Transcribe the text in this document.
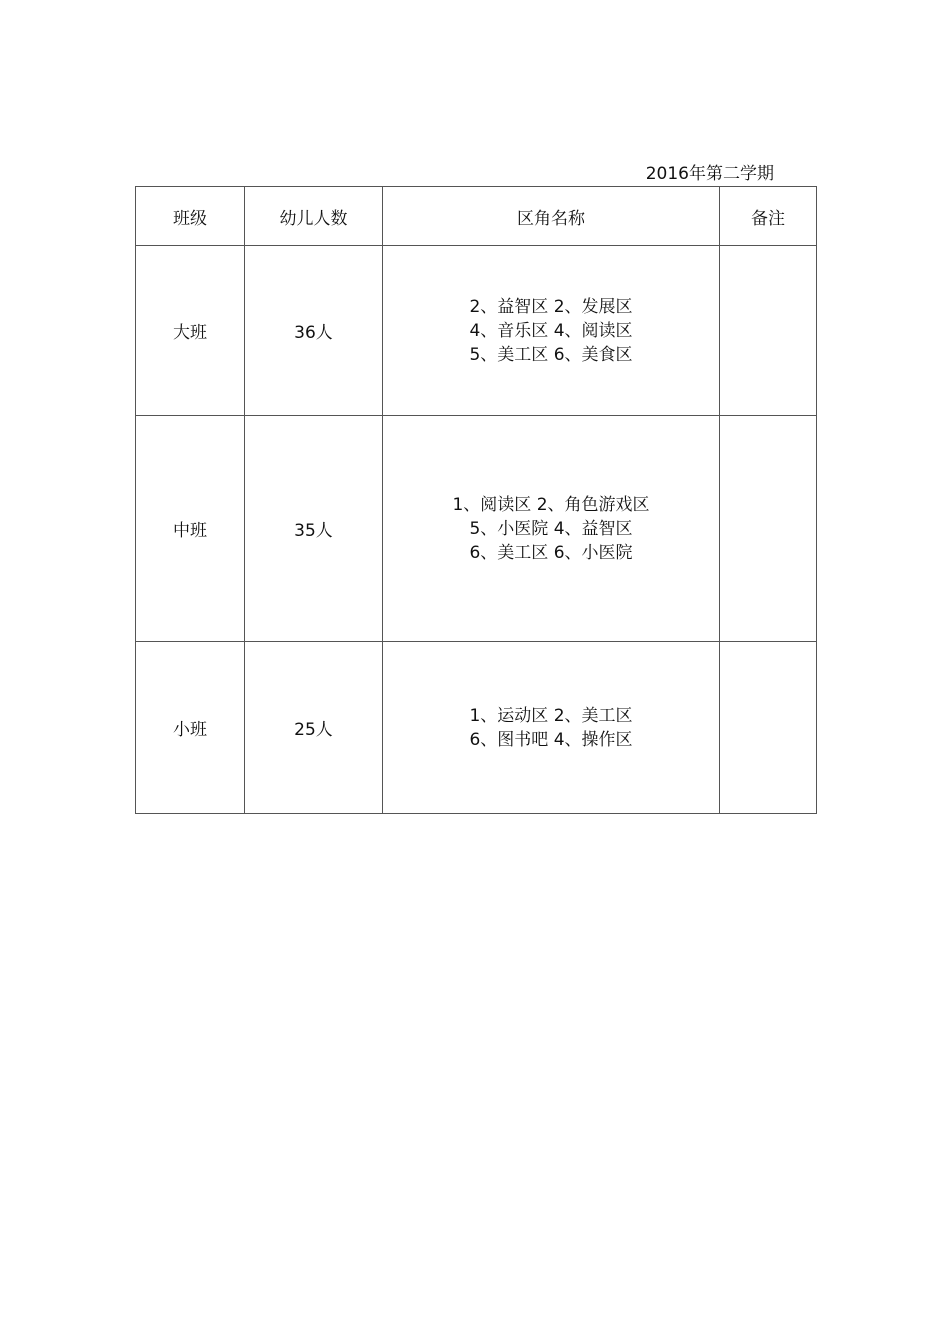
2016年第二学期
班级	幼儿人数	区角名称	备注
大班	36人	2、益智区 2、发展区
4、音乐区 4、阅读区
5、美工区 6、美食区	

中班	35人	1、阅读区 2、角色游戏区
5、小医院 4、益智区
6、美工区 6、小医院	

小班	25人	1、运动区 2、美工区
6、图书吧 4、操作区	
